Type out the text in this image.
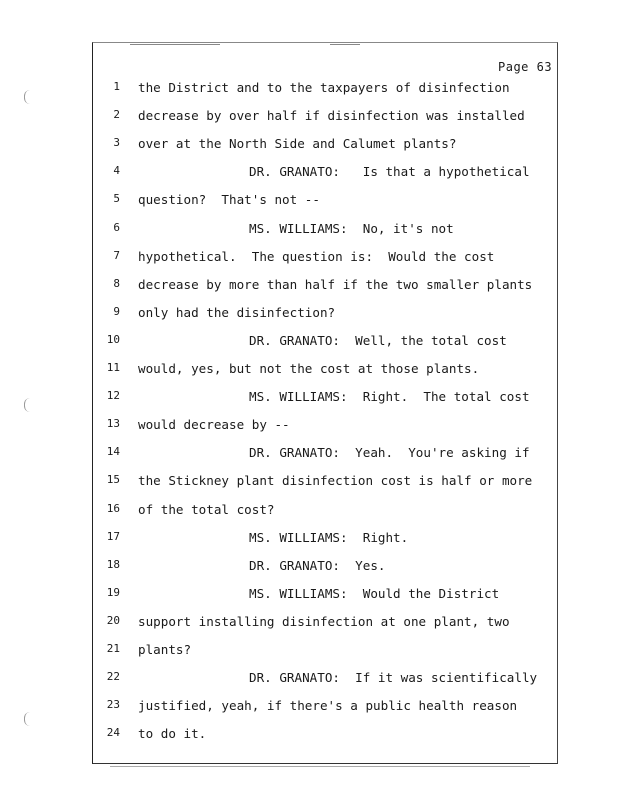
Page 63
1 the District and to the taxpayers of disinfection
2 decrease by over half if disinfection was installed
3 over at the North Side and Calumet plants?
4	DR. GRANATO:   Is that a hypothetical
5 question?  That's not --
6	MS. WILLIAMS:  No, it's not
7 hypothetical.  The question is:  Would the cost
8 decrease by more than half if the two smaller plants
9 only had the disinfection?
10	DR. GRANATO:  Well, the total cost
11 would, yes, but not the cost at those plants.
12	MS. WILLIAMS:  Right.  The total cost
13 would decrease by --
14	DR. GRANATO:  Yeah.  You're asking if
15 the Stickney plant disinfection cost is half or more
16 of the total cost?
17	MS. WILLIAMS:  Right.
18	DR. GRANATO:  Yes.
19	MS. WILLIAMS:  Would the District
20 support installing disinfection at one plant, two
21 plants?
22	DR. GRANATO:  If it was scientifically
23 justified, yeah, if there's a public health reason
24 to do it.
